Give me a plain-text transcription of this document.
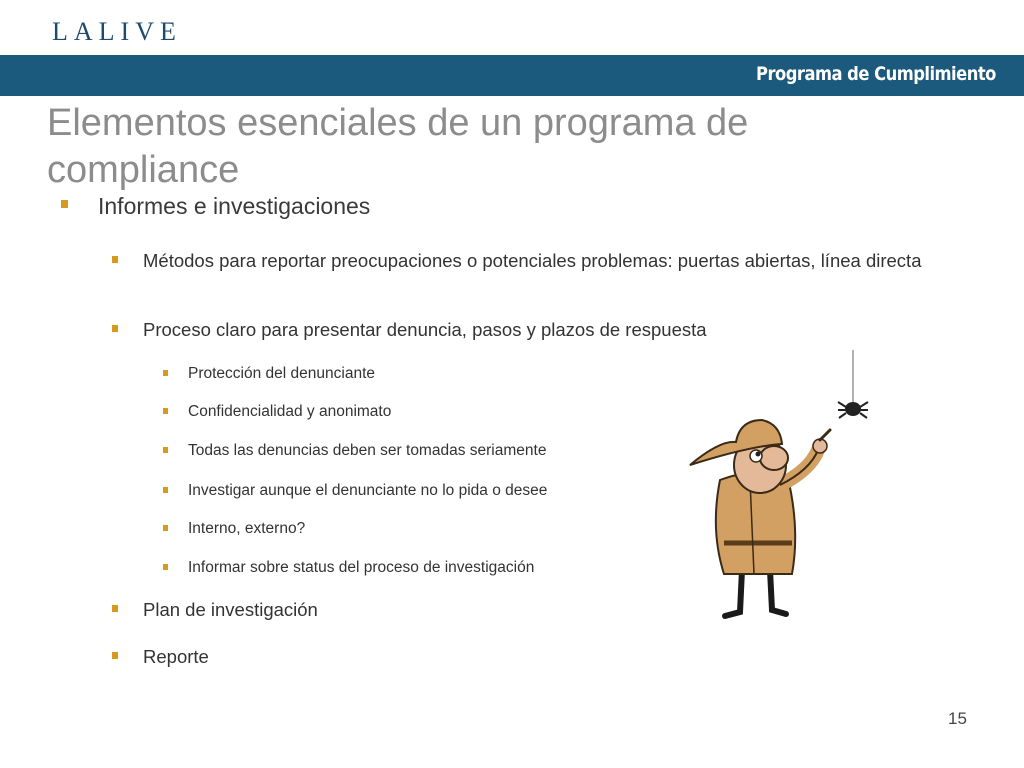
LALIVE
Programa de Cumplimiento
Elementos esenciales de un programa de compliance
Informes e investigaciones
Métodos para reportar preocupaciones o potenciales problemas: puertas abiertas, línea directa
Proceso claro para presentar denuncia, pasos y plazos de respuesta
Protección del denunciante
Confidencialidad y anonimato
Todas las denuncias deben ser tomadas seriamente
Investigar aunque el denunciante no lo pida o desee
Interno, externo?
Informar sobre status del proceso de investigación
Plan de investigación
Reporte
15
